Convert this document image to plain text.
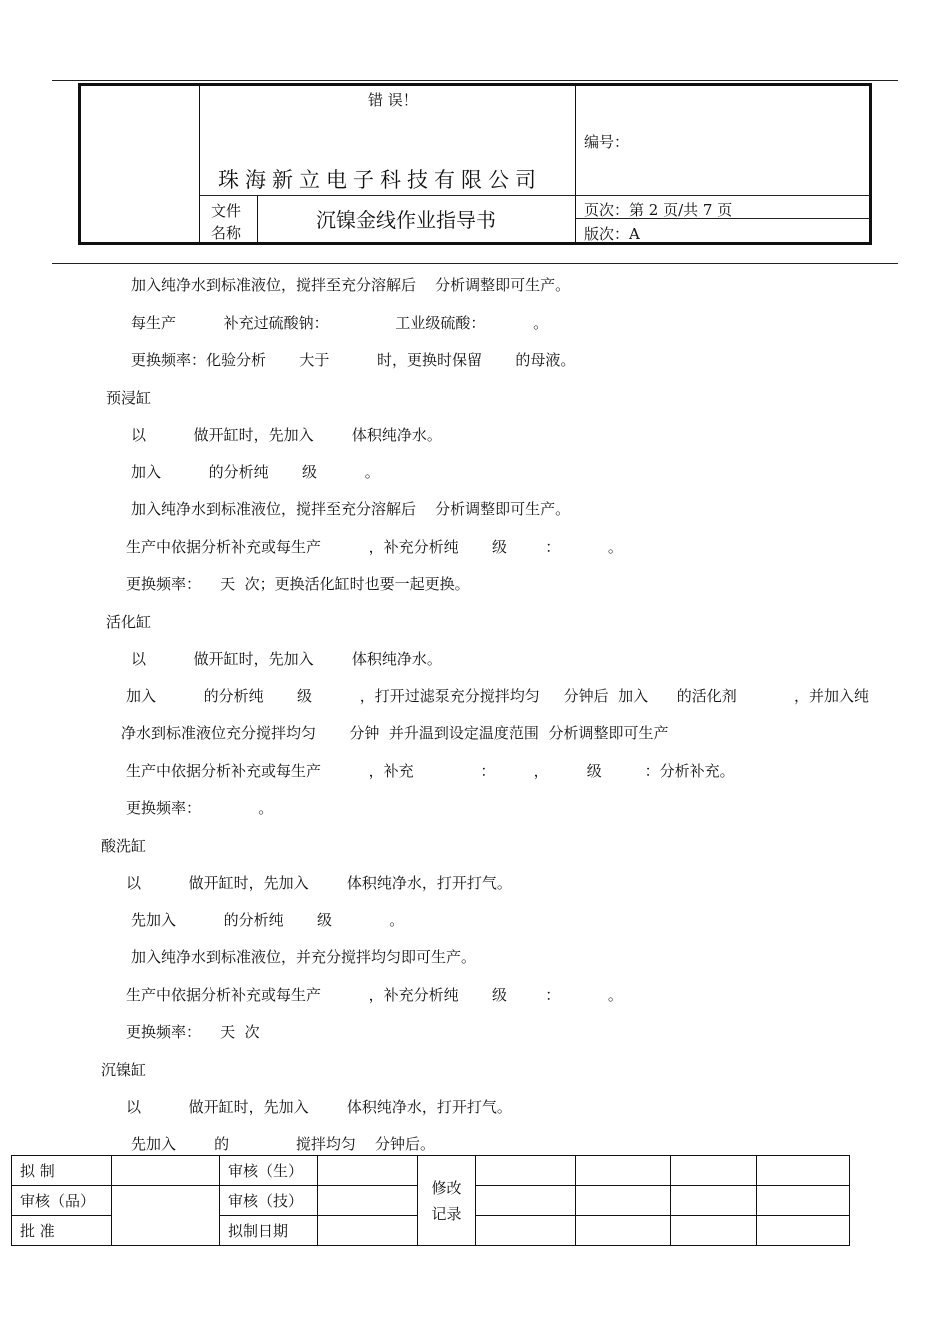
错 误！
珠海新立电子科技有限公司
编号：
文件
名称
沉镍金线作业指导书	页次：第 2 页/共 7 页
版次：A
加入纯净水到标准液位，搅拌至充分溶解后    分析调整即可生产。
每生产          补充过硫酸钠：              工业级硫酸：          。
更换频率：化验分析       大于          时，更换时保留       的母液。
预浸缸
以          做开缸时，先加入        体积纯净水。
加入          的分析纯       级          。
加入纯净水到标准液位，搅拌至充分溶解后    分析调整即可生产。
生产中依据分析补充或每生产          ，补充分析纯       级        ：          。
更换频率：    天  次；更换活化缸时也要一起更换。
活化缸
以          做开缸时，先加入        体积纯净水。
加入          的分析纯       级          ，打开过滤泵充分搅拌均匀     分钟后  加入      的活化剂            ，并加入纯
净水到标准液位充分搅拌均匀       分钟  并升温到设定温度范围  分析调整即可生产
生产中依据分析补充或每生产          ，补充              ：        ，        级         ：分析补充。
更换频率：            。
酸洗缸
以          做开缸时，先加入        体积纯净水，打开打气。
先加入          的分析纯       级            。
加入纯净水到标准液位，并充分搅拌均匀即可生产。
生产中依据分析补充或每生产          ，补充分析纯       级        ：          。
更换频率：    天  次
沉镍缸
以          做开缸时，先加入        体积纯净水，打开打气。
先加入        的              搅拌均匀    分钟后。
拟 制		审核（生）		修改
记录				

审核（品）		审核（技）						
批 准		拟制日期						
